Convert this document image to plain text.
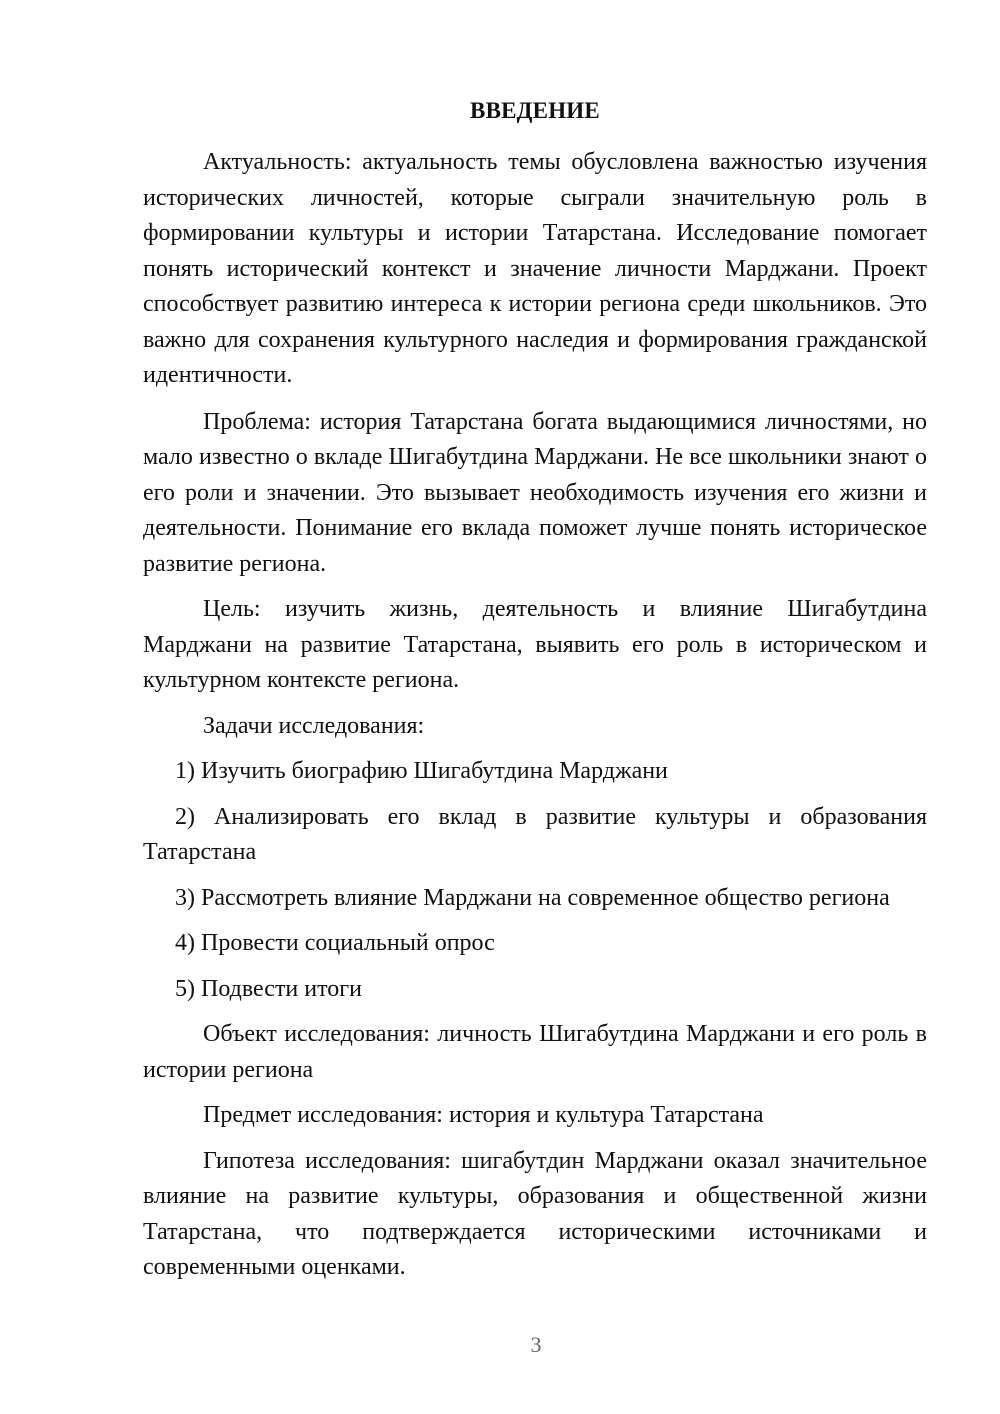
ВВЕДЕНИЕ

Актуальность: актуальность темы обусловлена важностью изучения исторических личностей, которые сыграли значительную роль в формировании культуры и истории Татарстана. Исследование помогает понять исторический контекст и значение личности Марджани. Проект способствует развитию интереса к истории региона среди школьников. Это важно для сохранения культурного наследия и формирования гражданской идентичности.

Проблема: история Татарстана богата выдающимися личностями, но мало известно о вкладе Шигабутдина Марджани. Не все школьники знают о его роли и значении. Это вызывает необходимость изучения его жизни и деятельности. Понимание его вклада поможет лучше понять историческое развитие региона.

Цель: изучить жизнь, деятельность и влияние Шигабутдина Марджани на развитие Татарстана, выявить его роль в историческом и культурном контексте региона.

Задачи исследования:

1) Изучить биографию Шигабутдина Марджани

2) Анализировать его вклад в развитие культуры и образования Татарстана

3) Рассмотреть влияние Марджани на современное общество региона

4) Провести социальный опрос

5) Подвести итоги

Объект исследования: личность Шигабутдина Марджани и его роль в истории региона

Предмет исследования: история и культура Татарстана

Гипотеза исследования: шигабутдин Марджани оказал значительное влияние на развитие культуры, образования и общественной жизни Татарстана, что подтверждается историческими источниками и современными оценками.

3
